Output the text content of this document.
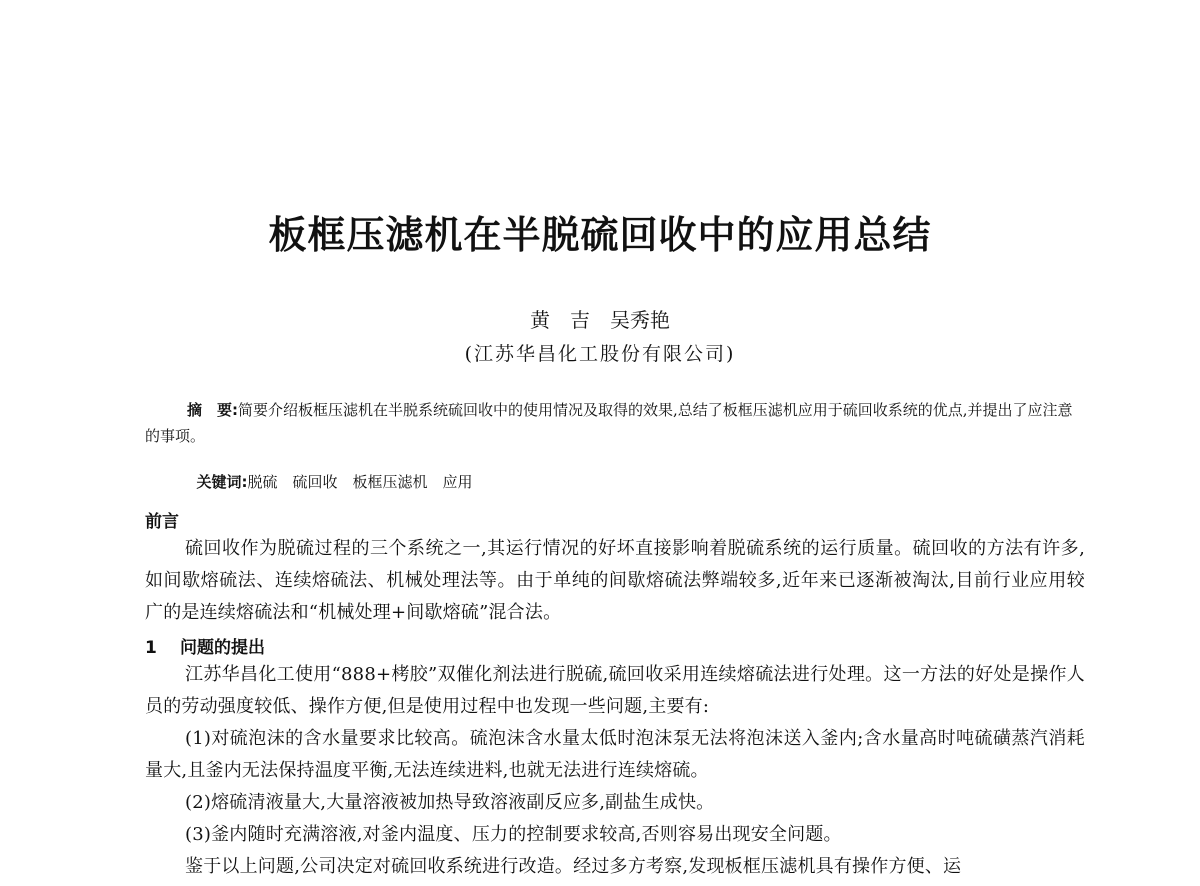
板框压滤机在半脱硫回收中的应用总结
黄　吉　吴秀艳
(江苏华昌化工股份有限公司)
摘　要:简要介绍板框压滤机在半脱系统硫回收中的使用情况及取得的效果,总结了板框压滤机应用于硫回收系统的优点,并提出了应注意的事项。

关键词:脱硫　硫回收　板框压滤机　应用

前言
硫回收作为脱硫过程的三个系统之一,其运行情况的好坏直接影响着脱硫系统的运行质量。硫回收的方法有许多,如间歇熔硫法、连续熔硫法、机械处理法等。由于单纯的间歇熔硫法弊端较多,近年来已逐渐被淘汰,目前行业应用较广的是连续熔硫法和“机械处理+间歇熔硫”混合法。
1 问题的提出
江苏华昌化工使用“888+栲胶”双催化剂法进行脱硫,硫回收采用连续熔硫法进行处理。这一方法的好处是操作人员的劳动强度较低、操作方便,但是使用过程中也发现一些问题,主要有:
(1)对硫泡沫的含水量要求比较高。硫泡沫含水量太低时泡沫泵无法将泡沫送入釜内;含水量高时吨硫磺蒸汽消耗量大,且釜内无法保持温度平衡,无法连续进料,也就无法进行连续熔硫。
(2)熔硫清液量大,大量溶液被加热导致溶液副反应多,副盐生成快。
(3)釜内随时充满溶液,对釜内温度、压力的控制要求较高,否则容易出现安全问题。
鉴于以上问题,公司决定对硫回收系统进行改造。经过多方考察,发现板框压滤机具有操作方便、运
